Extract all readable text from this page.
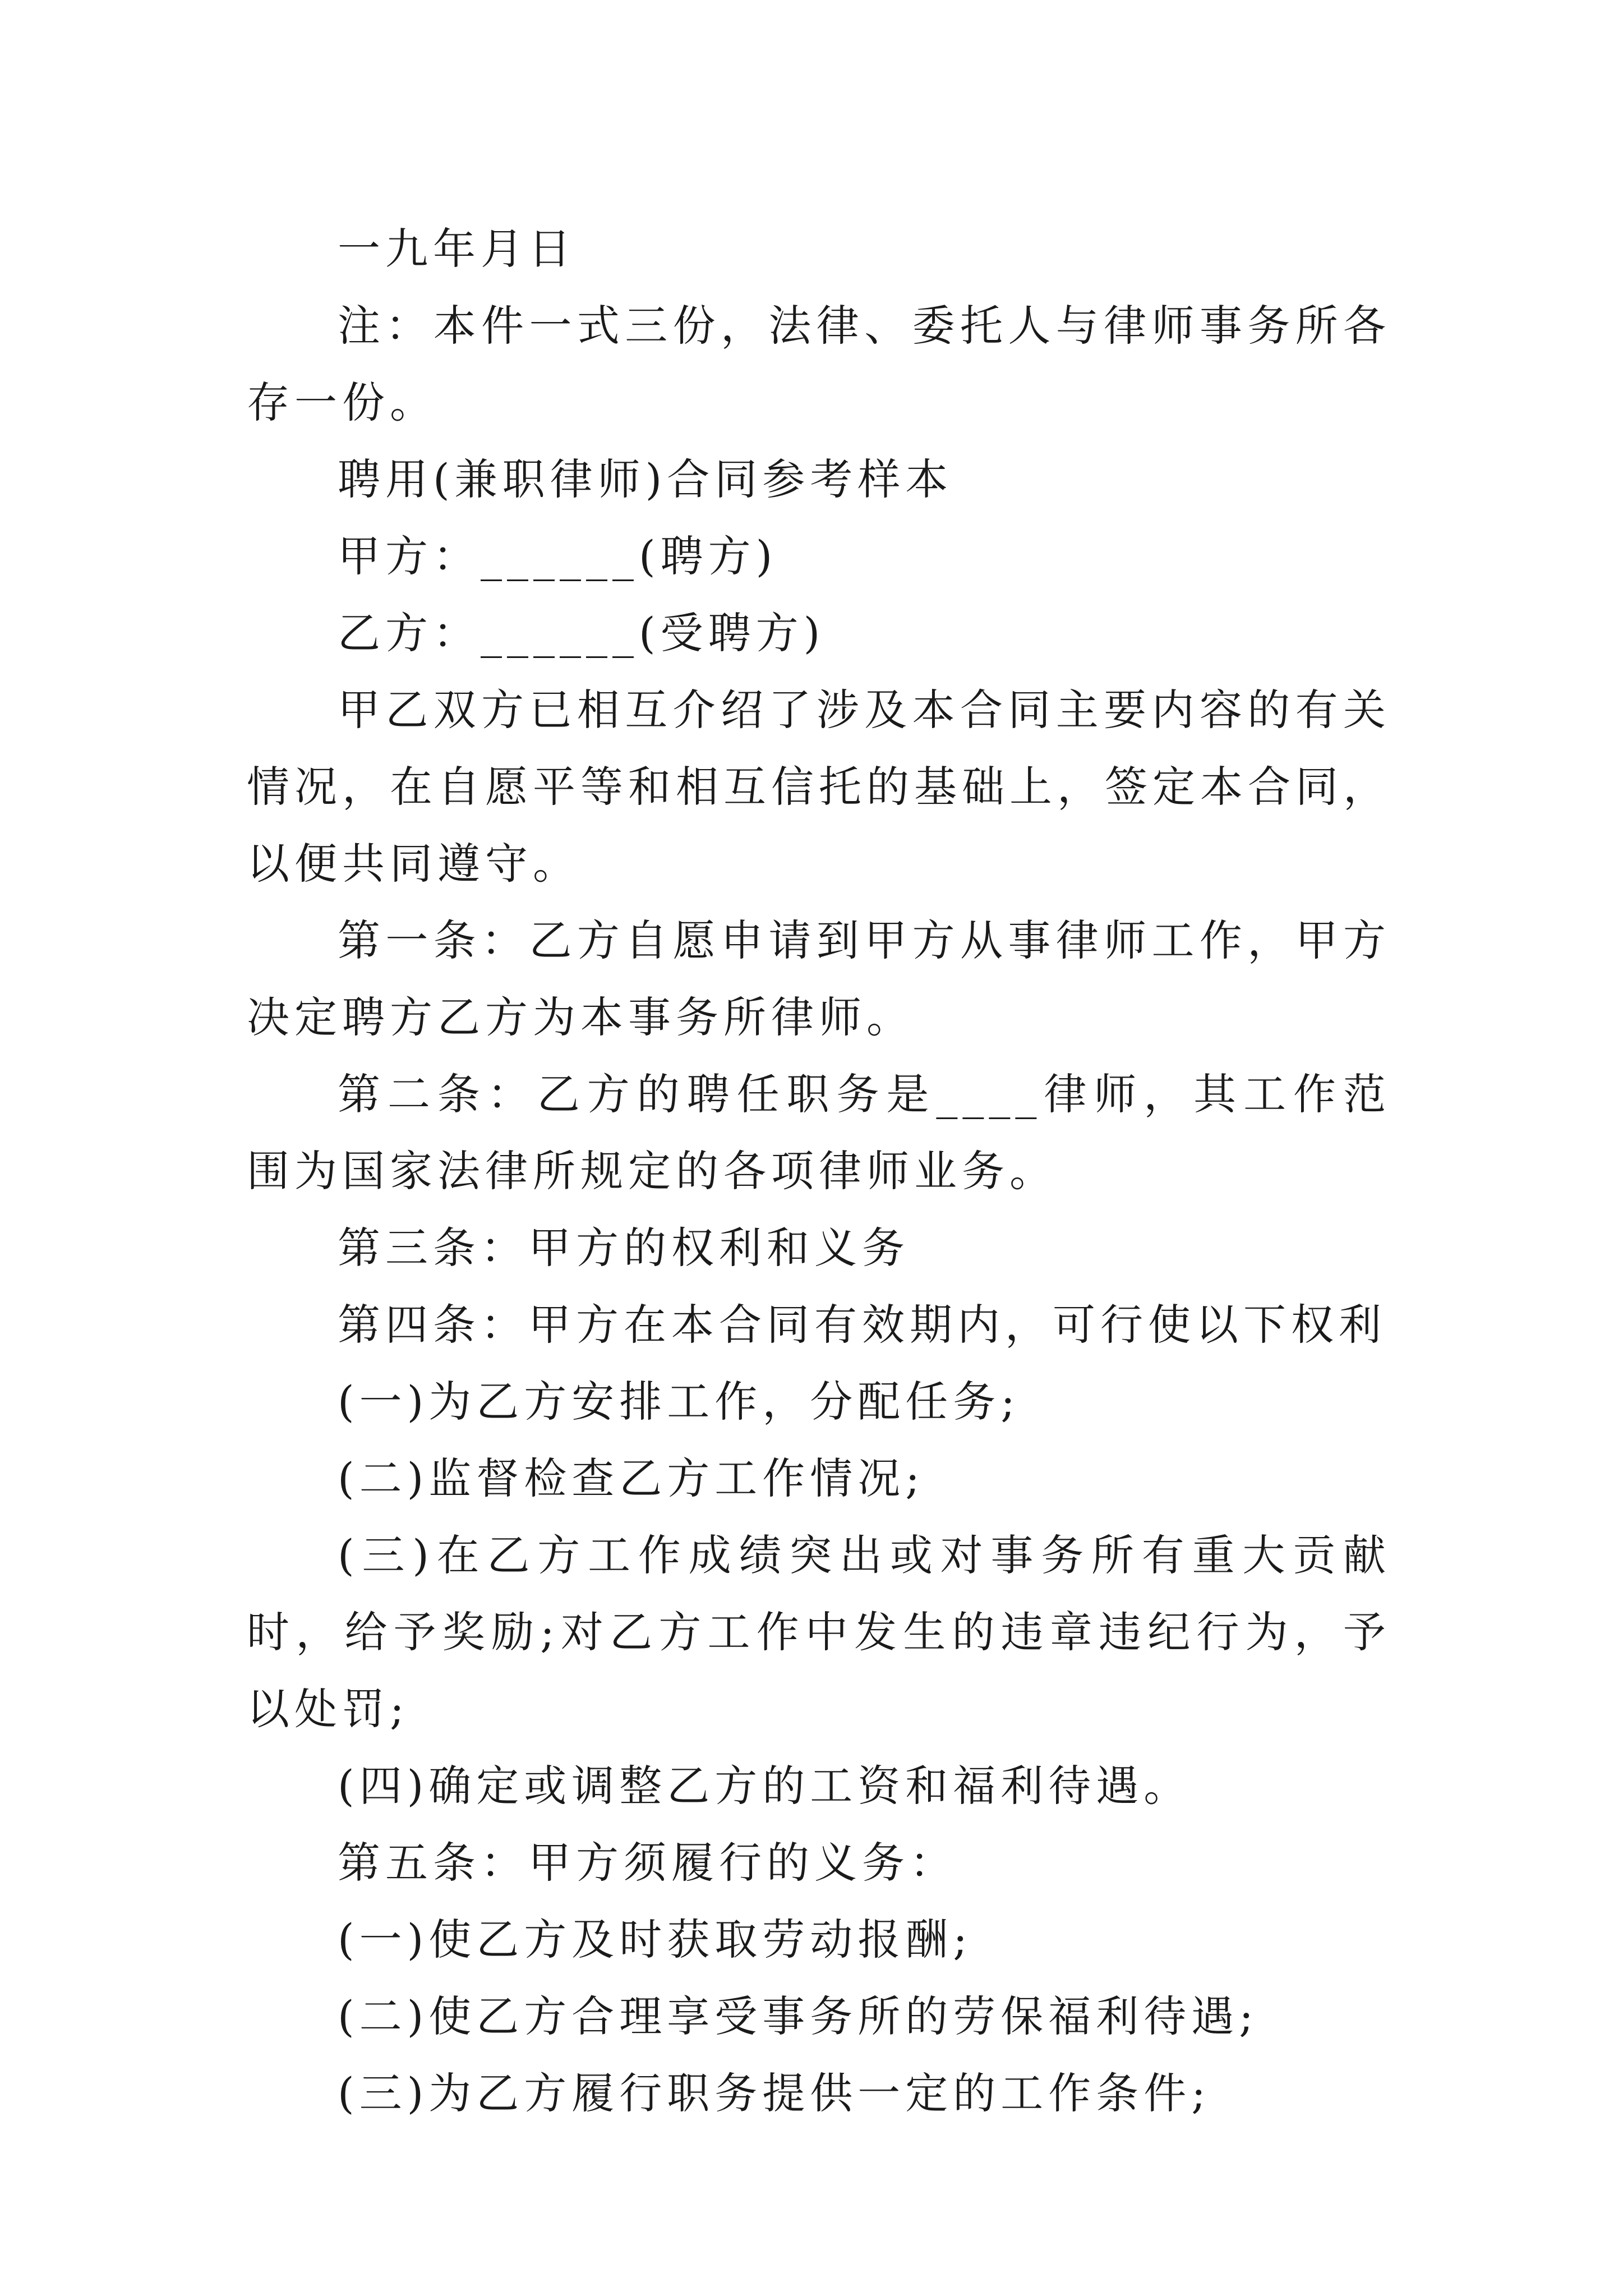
一九年月日

注：本件一式三份，法律、委托人与律师事务所各存一份。

聘用(兼职律师)合同参考样本

甲方：______(聘方)

乙方：______(受聘方)

甲乙双方已相互介绍了涉及本合同主要内容的有关情况，在自愿平等和相互信托的基础上，签定本合同，以便共同遵守。

第一条：乙方自愿申请到甲方从事律师工作，甲方决定聘方乙方为本事务所律师。

第二条：乙方的聘任职务是____律师，其工作范围为国家法律所规定的各项律师业务。

第三条：甲方的权利和义务

第四条：甲方在本合同有效期内，可行使以下权利

(一)为乙方安排工作，分配任务;

(二)监督检查乙方工作情况;

(三)在乙方工作成绩突出或对事务所有重大贡献时，给予奖励;对乙方工作中发生的违章违纪行为，予以处罚;

(四)确定或调整乙方的工资和福利待遇。

第五条：甲方须履行的义务：

(一)使乙方及时获取劳动报酬;

(二)使乙方合理享受事务所的劳保福利待遇;

(三)为乙方履行职务提供一定的工作条件;
